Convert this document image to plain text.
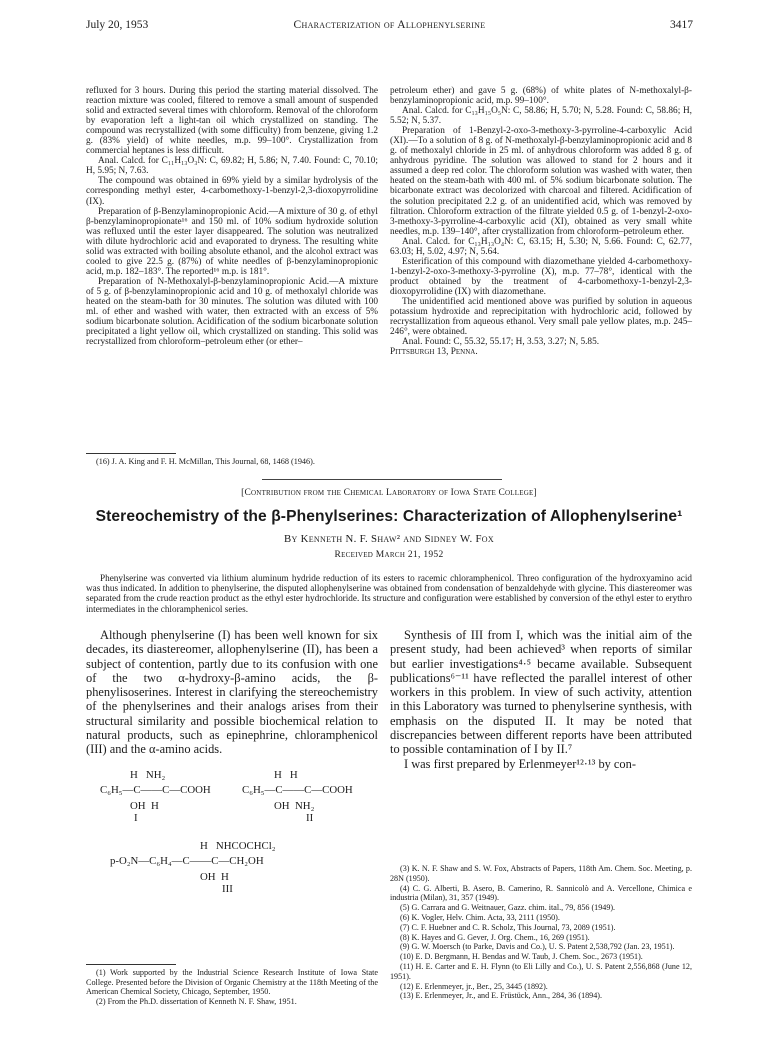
July 20, 1953	Characterization of Allophenylserine	3417

refluxed for 3 hours. During this period the starting material dissolved. The reaction mixture was cooled, filtered to remove a small amount of suspended solid and extracted several times with chloroform. Removal of the chloroform by evaporation left a light-tan oil which crystallized on standing. The compound was recrystallized (with some difficulty) from benzene, giving 1.2 g. (83% yield) of white needles, m.p. 99–100°. Crystallization from commercial heptanes is less difficult.

Anal. Calcd. for C₁₁H₁₃O₃N: C, 69.82; H, 5.86; N, 7.40. Found: C, 70.10; H, 5.95; N, 7.63.

The compound was obtained in 69% yield by a similar hydrolysis of the corresponding methyl ester, 4-carbomethoxy-1-benzyl-2,3-dioxopyrrolidine (IX).

Preparation of β-Benzylaminopropionic Acid.—A mixture of 30 g. of ethyl β-benzylaminopropionate¹⁶ and 150 ml. of 10% sodium hydroxide solution was refluxed until the ester layer disappeared. The solution was neutralized with dilute hydrochloric acid and evaporated to dryness. The resulting white solid was extracted with boiling absolute ethanol, and the alcohol extract was cooled to give 22.5 g. (87%) of white needles of β-benzylaminopropionic acid, m.p. 182–183°. The reported¹⁶ m.p. is 181°.

Preparation of N-Methoxalyl-β-benzylaminopropionic Acid.—A mixture of 5 g. of β-benzylaminopropionic acid and 10 g. of methoxalyl chloride was heated on the steam-bath for 30 minutes. The solution was diluted with 100 ml. of ether and washed with water, then extracted with an excess of 5% sodium bicarbonate solution. Acidification of the sodium bicarbonate solution precipitated a light yellow oil, which crystallized on standing. This solid was recrystallized from chloroform–petroleum ether (or ether–

(16) J. A. King and F. H. McMillan, This Journal, 68, 1468 (1946).

petroleum ether) and gave 5 g. (68%) of white plates of N-methoxalyl-β-benzylaminopropionic acid, m.p. 99–100°.

Anal. Calcd. for C₁₃H₁₅O₅N: C, 58.86; H, 5.70; N, 5.28. Found: C, 58.86; H, 5.52; N, 5.37.

Preparation of 1-Benzyl-2-oxo-3-methoxy-3-pyrroline-4-carboxylic Acid (XI).—To a solution of 8 g. of N-methoxalyl-β-benzylaminopropionic acid and 8 g. of methoxalyl chloride in 25 ml. of anhydrous chloroform was added 8 g. of anhydrous pyridine. The solution was allowed to stand for 2 hours and it assumed a deep red color. The chloroform solution was washed with water, then heated on the steam-bath with 400 ml. of 5% sodium bicarbonate solution. The bicarbonate extract was decolorized with charcoal and filtered. Acidification of the solution precipitated 2.2 g. of an unidentified acid, which was removed by filtration. Chloroform extraction of the filtrate yielded 0.5 g. of 1-benzyl-2-oxo-3-methoxy-3-pyrroline-4-carboxylic acid (XI), obtained as very small white needles, m.p. 139–140°, after crystallization from chloroform–petroleum ether.

Anal. Calcd. for C₁₃H₁₃O₄N: C, 63.15; H, 5.30; N, 5.66. Found: C, 62.77, 63.03; H, 5.02, 4.97; N, 5.64.

Esterification of this compound with diazomethane yielded 4-carbomethoxy-1-benzyl-2-oxo-3-methoxy-3-pyrroline (X), m.p. 77–78°, identical with the product obtained by the treatment of 4-carbomethoxy-1-benzyl-2,3-dioxopyrrolidine (IX) with diazomethane.

The unidentified acid mentioned above was purified by solution in aqueous potassium hydroxide and reprecipitation with hydrochloric acid, followed by recrystallization from aqueous ethanol. Very small pale yellow plates, m.p. 245–246°, were obtained.

Anal. Found: C, 55.32, 55.17; H, 3.53, 3.27; N, 5.85.

Pittsburgh 13, Penna.

[Contribution from the Chemical Laboratory of Iowa State College]
Stereochemistry of the β-Phenylserines: Characterization of Allophenylserine¹
By Kenneth N. F. Shaw² and Sidney W. Fox
Received March 21, 1952
Phenylserine was converted via lithium aluminum hydride reduction of its esters to racemic chloramphenicol. Threo configuration of the hydroxyamino acid was thus indicated. In addition to phenylserine, the disputed allophenylserine was obtained from condensation of benzaldehyde with glycine. This diastereomer was separated from the crude reaction product as the ethyl ester hydrochloride. Its structure and configuration were established by conversion of the ethyl ester to erythro intermediates in the chloramphenicol series.

Although phenylserine (I) has been well known for six decades, its diastereomer, allophenylserine (II), has been a subject of contention, partly due to its confusion with one of the two α-hydroxy-β-amino acids, the β-phenylisoserines. Interest in clarifying the stereochemistry of the phenylserines and their analogs arises from their structural similarity and possible biochemical relation to natural products, such as epinephrine, chloramphenicol (III) and the α-amino acids.

H   NH₂
C₆H₅—C——C—COOH
OH  H
I
H   H
C₆H₅—C——C—COOH
OH  NH₂
II
H   NHCOCHCl₂
p-O₂N—C₆H₄—C——C—CH₂OH
OH  H
III

(1) Work supported by the Industrial Science Research Institute of Iowa State College. Presented before the Division of Organic Chemistry at the 118th Meeting of the American Chemical Society, Chicago, September, 1950.

(2) From the Ph.D. dissertation of Kenneth N. F. Shaw, 1951.

Synthesis of III from I, which was the initial aim of the present study, had been achieved³ when reports of similar but earlier investigations⁴·⁵ became available. Subsequent publications⁶⁻¹¹ have reflected the parallel interest of other workers in this problem. In view of such activity, attention in this Laboratory was turned to phenylserine synthesis, with emphasis on the disputed II. It may be noted that discrepancies between different reports have been attributed to possible contamination of I by II.⁷

I was first prepared by Erlenmeyer¹²·¹³ by con-

(3) K. N. F. Shaw and S. W. Fox, Abstracts of Papers, 118th Am. Chem. Soc. Meeting, p. 28N (1950).

(4) C. G. Alberti, B. Asero, B. Camerino, R. Sannicolò and A. Vercellone, Chimica e industria (Milan), 31, 357 (1949).

(5) G. Carrara and G. Weitnauer, Gazz. chim. ital., 79, 856 (1949).

(6) K. Vogler, Helv. Chim. Acta, 33, 2111 (1950).

(7) C. F. Huebner and C. R. Scholz, This Journal, 73, 2089 (1951).

(8) K. Hayes and G. Gever, J. Org. Chem., 16, 269 (1951).

(9) G. W. Moersch (to Parke, Davis and Co.), U. S. Patent 2,538,792 (Jan. 23, 1951).

(10) E. D. Bergmann, H. Bendas and W. Taub, J. Chem. Soc., 2673 (1951).

(11) H. E. Carter and E. H. Flynn (to Eli Lilly and Co.), U. S. Patent 2,556,868 (June 12, 1951).

(12) E. Erlenmeyer, jr., Ber., 25, 3445 (1892).

(13) E. Erlenmeyer, Jr., and E. Früstück, Ann., 284, 36 (1894).
